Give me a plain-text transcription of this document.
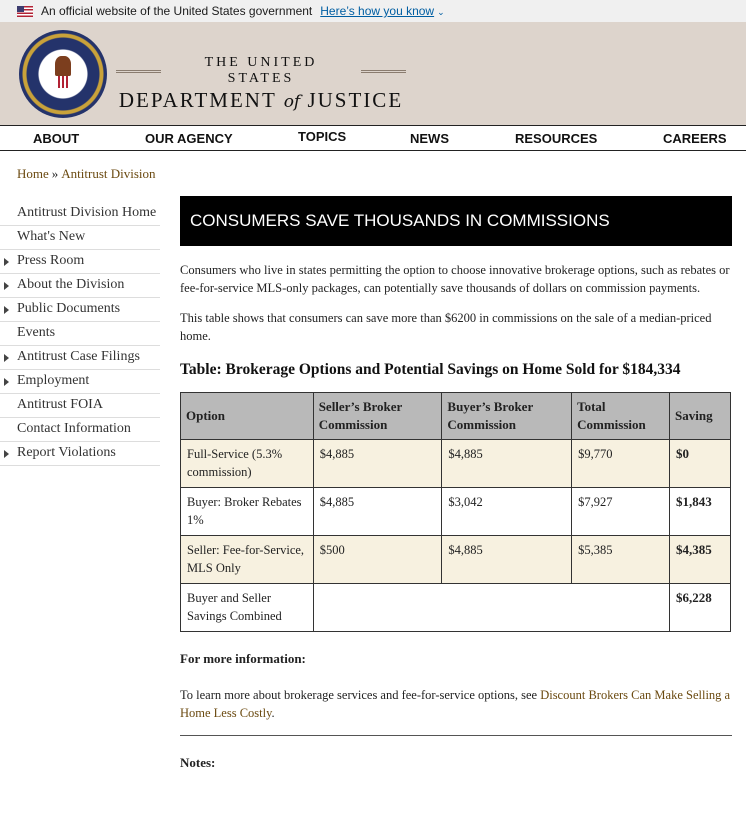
An official website of the United States government Here’s how you know ⌄
THE UNITED STATES
DEPARTMENT of JUSTICE
ABOUT	OUR AGENCY	TOPICS	NEWS	RESOURCES	CAREERS
Home » Antitrust Division
Antitrust Division Home
What's New
Press Room
About the Division
Public Documents
Events
Antitrust Case Filings
Employment
Antitrust FOIA
Contact Information
Report Violations
CONSUMERS SAVE THOUSANDS IN COMMISSIONS

Consumers who live in states permitting the option to choose innovative brokerage options, such as rebates or fee-for-service MLS-only packages, can potentially save thousands of dollars on commission payments.

This table shows that consumers can save more than $6200 in commissions on the sale of a median-priced home.

Table: Brokerage Options and Potential Savings on Home Sold for $184,334
Option	Seller’s Broker Commission	Buyer’s Broker Commission	Total Commission	Saving
Full-Service (5.3% commission)	$4,885	$4,885	$9,770	$0
Buyer: Broker Rebates 1%	$4,885	$3,042	$7,927	$1,843
Seller: Fee-for-Service, MLS Only	$500	$4,885	$5,385	$4,385
Buyer and Seller Savings Combined				$6,228
For more information:

To learn more about brokerage services and fee-for-service options, see Discount Brokers Can Make Selling a Home Less Costly.

Notes:
